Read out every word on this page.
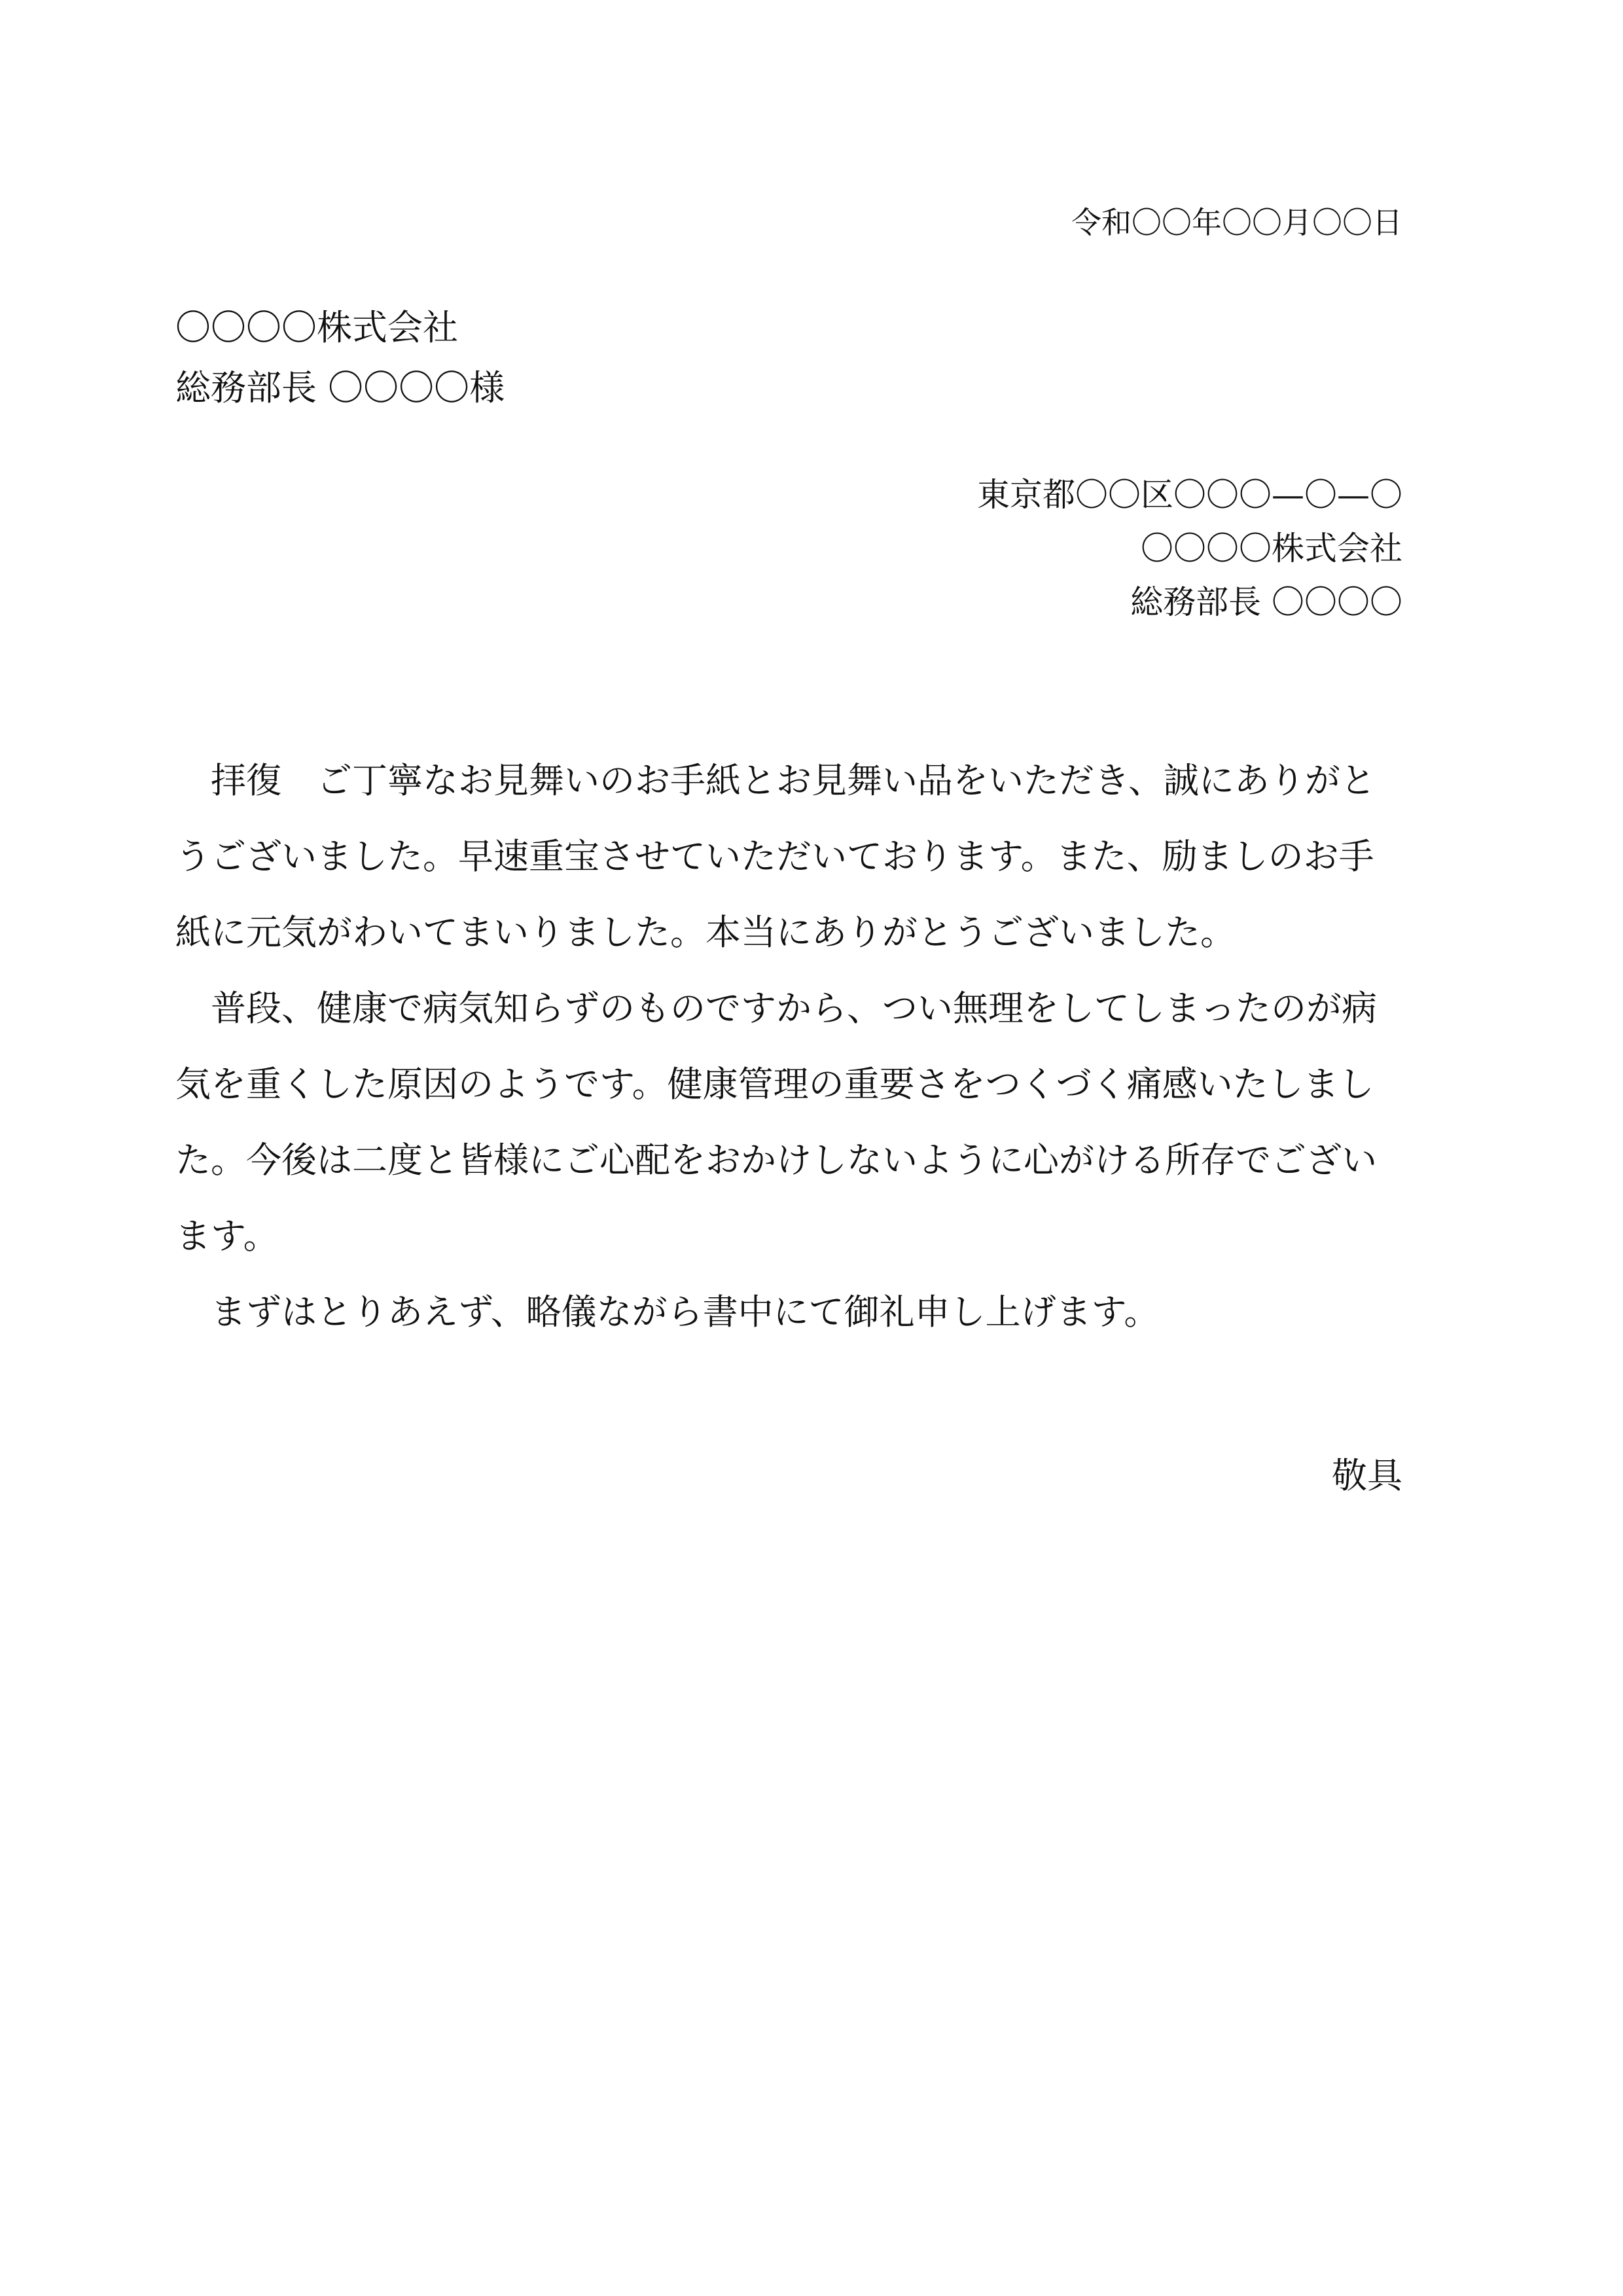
令和〇〇年〇〇月〇〇日
〇〇〇〇株式会社
総務部長 〇〇〇〇様
東京都〇〇区〇〇〇—〇—〇
〇〇〇〇株式会社
総務部長 〇〇〇〇

拝復　ご丁寧なお見舞いのお手紙とお見舞い品をいただき、誠にありがとうございました。早速重宝させていただいております。また、励ましのお手紙に元気がわいてまいりました。本当にありがとうございました。

普段、健康で病気知らずのものですから、つい無理をしてしまったのが病気を重くした原因のようです。健康管理の重要さをつくづく痛感いたしました。今後は二度と皆様にご心配をおかけしないように心がける所存でございます。

まずはとりあえず、略儀ながら書中にて御礼申し上げます。

敬具
